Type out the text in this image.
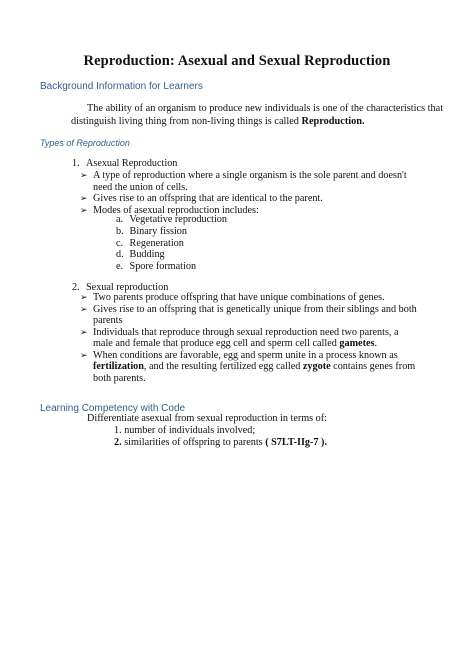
Reproduction: Asexual and Sexual Reproduction
Background Information for Learners
The ability of an organism to produce new individuals is one of the characteristics that distinguish living thing from non-living things is called Reproduction.
Types of Reproduction
1. Asexual Reproduction
➢ A type of reproduction where a single organism is the sole parent and doesn't need the union of cells.
➢ Gives rise to an offspring that are identical to the parent.
➢ Modes of asexual reproduction includes:
a. Vegetative reproduction
b. Binary fission
c. Regeneration
d. Budding
e. Spore formation
2. Sexual reproduction
➢ Two parents produce offspring that have unique combinations of genes.
➢ Gives rise to an offspring that is genetically unique from their siblings and both parents
➢ Individuals that reproduce through sexual reproduction need two parents, a male and female that produce egg cell and sperm cell called gametes.
➢ When conditions are favorable, egg and sperm unite in a process known as fertilization, and the resulting fertilized egg called zygote contains genes from both parents.
Learning Competency with Code
Differentiate asexual from sexual reproduction in terms of:
1. number of individuals involved;
2. similarities of offspring to parents ( S7LT-IIg-7 ).
